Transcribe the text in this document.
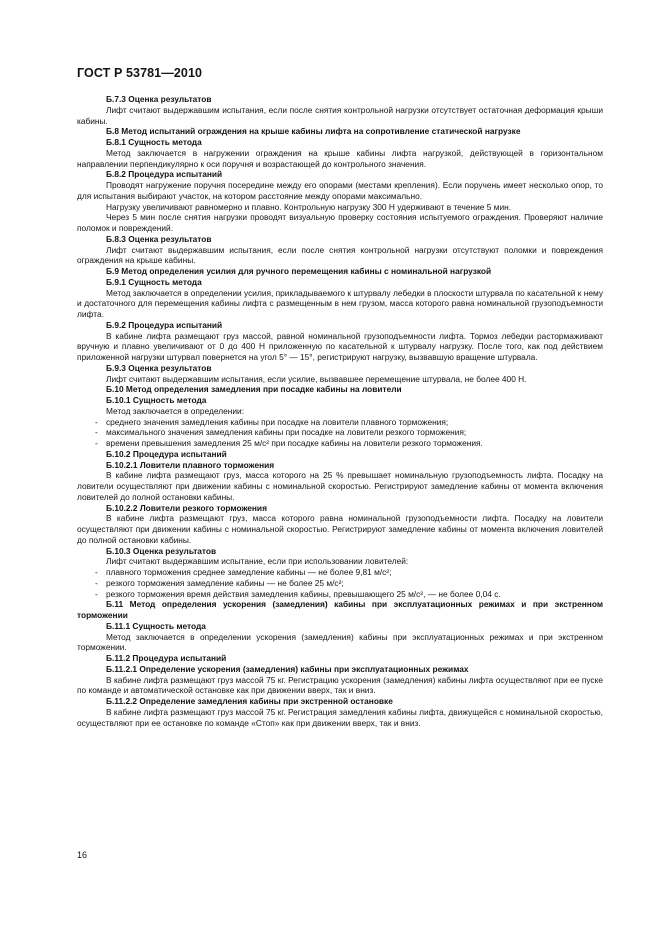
ГОСТ Р 53781—2010

Б.7.3 Оценка результатов

Лифт считают выдержавшим испытания, если после снятия контрольной нагрузки отсутствует остаточная деформация крыши кабины.

Б.8 Метод испытаний ограждения на крыше кабины лифта на сопротивление статической нагрузке

Б.8.1 Сущность метода

Метод заключается в нагружении ограждения на крыше кабины лифта нагрузкой, действующей в горизонтальном направлении перпендикулярно к оси поручня и возрастающей до контрольного значения.

Б.8.2 Процедура испытаний

Проводят нагружение поручня посередине между его опорами (местами крепления). Если поручень имеет несколько опор, то для испытания выбирают участок, на котором расстояние между опорами максимально.

Нагрузку увеличивают равномерно и плавно. Контрольную нагрузку 300 Н удерживают в течение 5 мин.

Через 5 мин после снятия нагрузки проводят визуальную проверку состояния испытуемого ограждения. Проверяют наличие поломок и повреждений.

Б.8.3 Оценка результатов

Лифт считают выдержавшим испытания, если после снятия контрольной нагрузки отсутствуют поломки и повреждения ограждения на крыше кабины.

Б.9 Метод определения усилия для ручного перемещения кабины с номинальной нагрузкой

Б.9.1 Сущность метода

Метод заключается в определении усилия, прикладываемого к штурвалу лебедки в плоскости штурвала по касательной к нему и достаточного для перемещения кабины лифта с размещенным в нем грузом, масса которого равна номинальной грузоподъемности лифта.

Б.9.2 Процедура испытаний

В кабине лифта размещают груз массой, равной номинальной грузоподъемности лифта. Тормоз лебедки растормаживают вручную и плавно увеличивают от 0 до 400 Н приложенную по касательной к штурвалу нагрузку. После того, как под действием приложенной нагрузки штурвал повернется на угол 5° — 15°, регистрируют нагрузку, вызвавшую вращение штурвала.

Б.9.3 Оценка результатов

Лифт считают выдержавшим испытания, если усилие, вызвавшее перемещение штурвала, не более 400 Н.

Б.10 Метод определения замедления при посадке кабины на ловители

Б.10.1 Сущность метода

Метод заключается в определении:

- среднего значения замедления кабины при посадке на ловители плавного торможения;

- максимального значения замедления кабины при посадке на ловители резкого торможения;

- времени превышения замедления 25 м/с² при посадке кабины на ловители резкого торможения.

Б.10.2 Процедура испытаний

Б.10.2.1 Ловители плавного торможения

В кабине лифта размещают груз, масса которого на 25 % превышает номинальную грузоподъемность лифта. Посадку на ловители осуществляют при движении кабины с номинальной скоростью. Регистрируют замедление кабины от момента включения ловителей до полной остановки кабины.

Б.10.2.2 Ловители резкого торможения

В кабине лифта размещают груз, масса которого равна номинальной грузоподъемности лифта. Посадку на ловители осуществляют при движении кабины с номинальной скоростью. Регистрируют замедление кабины от момента включения ловителей до полной остановки кабины.

Б.10.3 Оценка результатов

Лифт считают выдержавшим испытание, если при использовании ловителей:

- плавного торможения среднее замедление кабины — не более 9,81 м/с²;

- резкого торможения замедление кабины — не более 25 м/с²;

- резкого торможения время действия замедления кабины, превышающего 25 м/с², — не более 0,04 с.

Б.11 Метод определения ускорения (замедления) кабины при эксплуатационных режимах и при экстренном торможении

Б.11.1 Сущность метода

Метод заключается в определении ускорения (замедления) кабины при эксплуатационных режимах и при экстренном торможении.

Б.11.2 Процедура испытаний

Б.11.2.1 Определение ускорения (замедления) кабины при эксплуатационных режимах

В кабине лифта размещают груз массой 75 кг. Регистрацию ускорения (замедления) кабины лифта осуществляют при ее пуске по команде и автоматической остановке как при движении вверх, так и вниз.

Б.11.2.2 Определение замедления кабины при экстренной остановке

В кабине лифта размещают груз массой 75 кг. Регистрация замедления кабины лифта, движущейся с номинальной скоростью, осуществляют при ее остановке по команде «Стоп» как при движении вверх, так и вниз.

16
